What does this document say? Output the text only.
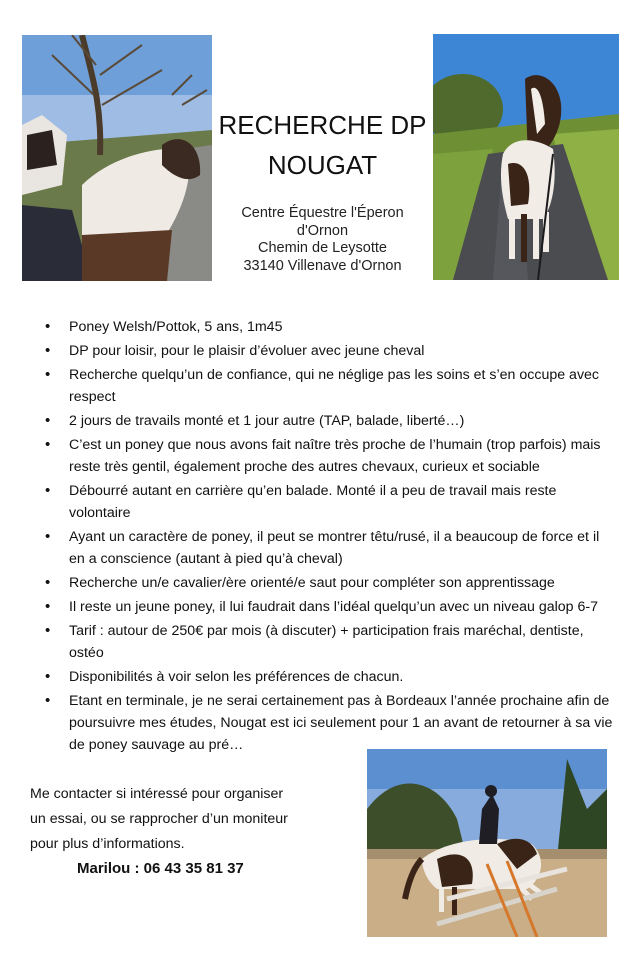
RECHERCHE DP
NOUGAT
Centre Équestre l'Éperon
d'Ornon
Chemin de Leysotte
33140 Villenave d'Ornon
• Poney Welsh/Pottok, 5 ans, 1m45
• DP pour loisir, pour le plaisir d’évoluer avec jeune cheval
• Recherche quelqu’un de confiance, qui ne néglige pas les soins et s’en occupe avec respect
• 2 jours de travails monté et 1 jour autre (TAP, balade, liberté…)
• C’est un poney que nous avons fait naître très proche de l’humain (trop parfois) mais reste très gentil, également proche des autres chevaux, curieux et sociable
• Débourré autant en carrière qu’en balade. Monté il a peu de travail mais reste volontaire
• Ayant un caractère de poney, il peut se montrer têtu/rusé, il a beaucoup de force et il en a conscience (autant à pied qu’à cheval)
• Recherche un/e cavalier/ère orienté/e saut pour compléter son apprentissage
• Il reste un jeune poney, il lui faudrait dans l’idéal quelqu’un avec un niveau galop 6-7
• Tarif : autour de 250€ par mois (à discuter) + participation frais maréchal, dentiste, ostéo
• Disponibilités à voir selon les préférences de chacun.
• Etant en terminale, je ne serai certainement pas à Bordeaux l’année prochaine afin de poursuivre mes études, Nougat est ici seulement pour 1 an avant de retourner à sa vie de poney sauvage au pré…
Me contacter si intéressé pour organiser
un essai, ou se rapprocher d’un moniteur
pour plus d’informations.
Marilou : 06 43 35 81 37
